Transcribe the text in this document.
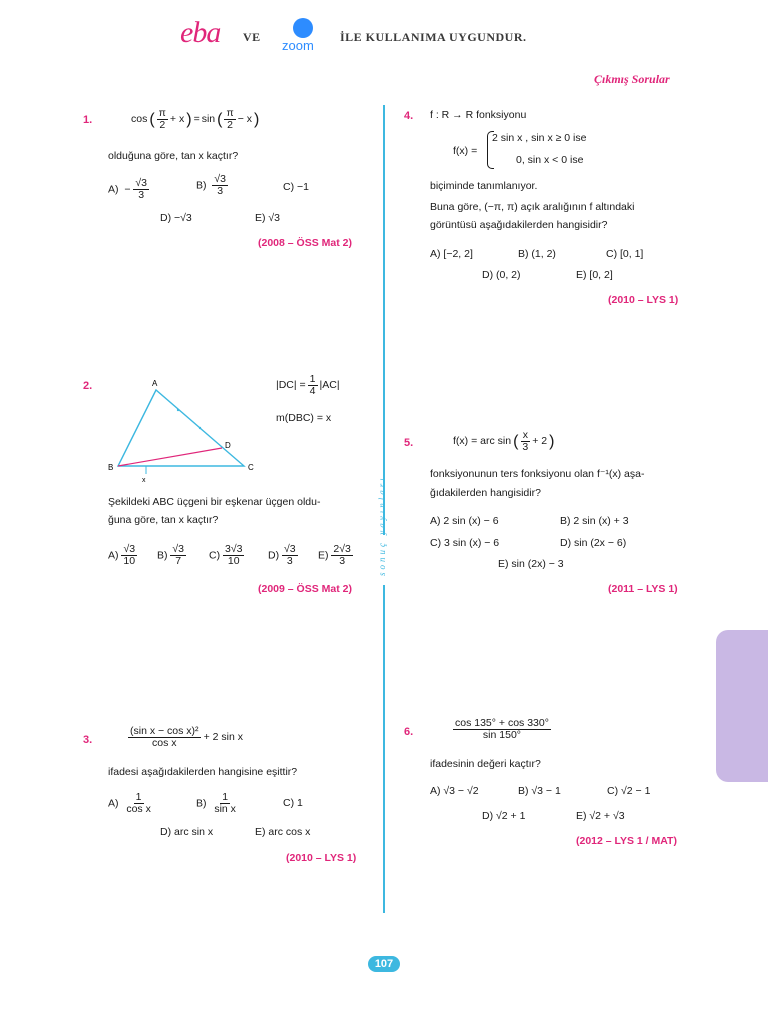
eba VE
zoom
İLE KULLANIMA UYGUNDUR.
Çıkmış Sorular
sonuç yayınları
107
1.	cos ( $\frac{\pi}{2} + x$ ) = sin ( $\frac{\pi}{2} - x$ )
olduğuna göre, tan x kaçtır?
$A) - \frac{√3}{3}$	$B) \frac{√3}{3}$	C) −1
D) −√3	E) √3
(2008 – ÖSS Mat 2)
2.	A
B	C
D
x
$|DC| = \frac{1}{4} |AC|$
m(DBC) = x
Şekildeki ABC üçgeni bir eşkenar üçgen oldu-
ğuna göre, tan x kaçtır?
$A) \frac{√3}{10} B) \frac{√3}{7} C) \frac{3√3}{10} D) \frac{√3}{3} E) \frac{2√3}{3}$
(2009 – ÖSS Mat 2)
3.	$\frac{\text{(sin x − cos x)²}}{\text{cos x}} + 2$ sin x
ifadesi aşağıdakilerden hangisine eşittir?
$A) \frac{1}{\text{cos x}}$	$B) \frac{1}{\text{sin x}}$	C) 1
D) arc sin x	E) arc cos x
(2010 – LYS 1)
4. f : R → R fonksiyonu
f(x) =
2 sin x , sin x ≥ 0 ise
0, sin x < 0 ise
biçiminde tanımlanıyor.
Buna göre, (−π, π) açık aralığının f altındaki
görüntüsü aşağıdakilerden hangisidir?
A) [−2, 2]	B) (1, 2)	C) [0, 1]
D) (0, 2)	E) [0, 2]
(2010 – LYS 1)
5.	f(x) = arc sin ( $\frac{x}{3} + 2$ )
fonksiyonunun ters fonksiyonu olan f⁻¹(x) aşa-
ğıdakilerden hangisidir?
A) 2 sin (x) − 6	B) 2 sin (x) + 3
C) 3 sin (x) − 6	D) sin (2x − 6)
E) sin (2x) − 3
(2011 – LYS 1)
6.	$\frac{\cos 135^\circ + \cos 330^\circ}{\sin 150^\circ}$
ifadesinin değeri kaçtır?
A) √3 − √2	B) √3 − 1	C) √2 − 1
D) √2 + 1	E) √2 + √3
(2012 – LYS 1 / MAT)
